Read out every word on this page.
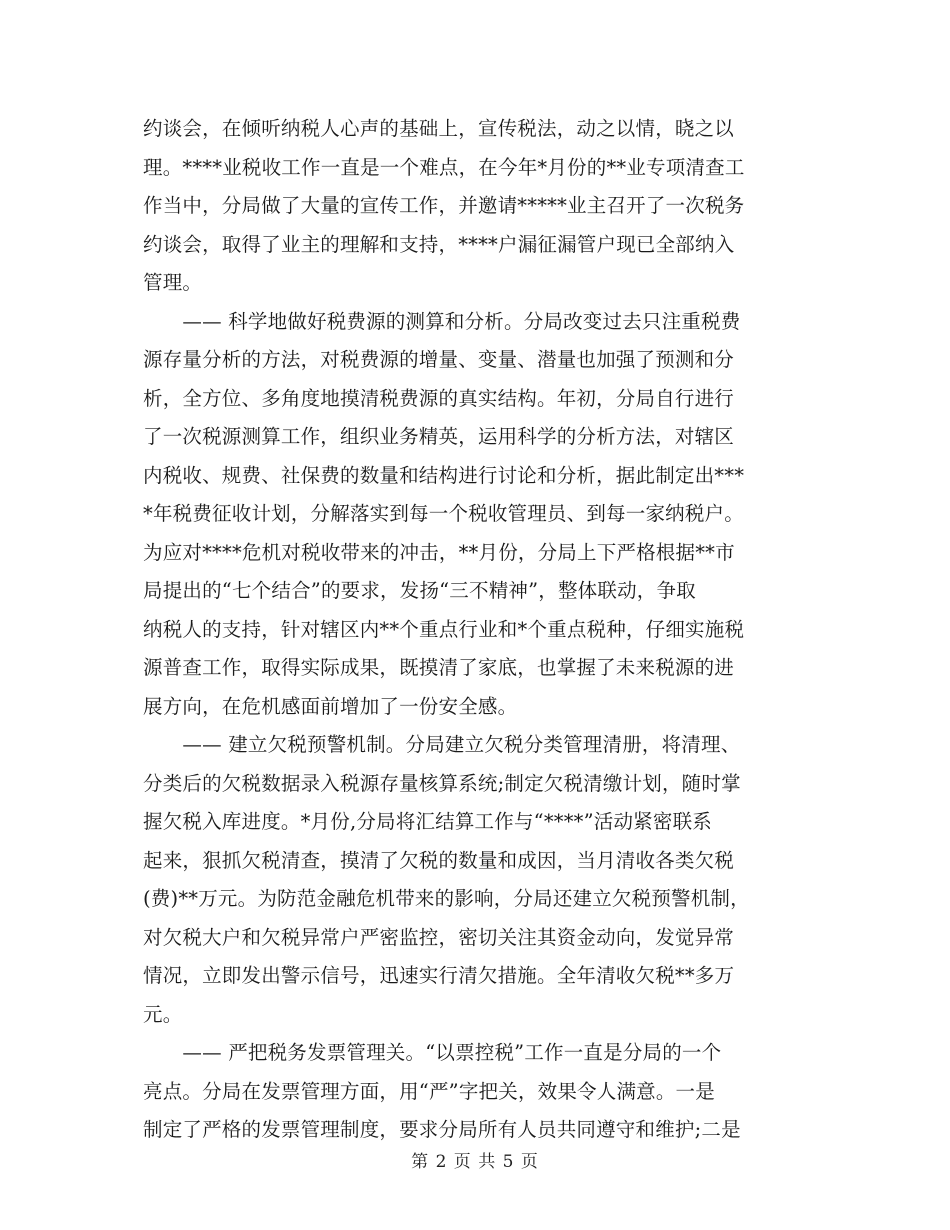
约谈会，在倾听纳税人心声的基础上，宣传税法，动之以情，晓之以
理。****业税收工作一直是一个难点，在今年*月份的**业专项清查工
作当中，分局做了大量的宣传工作，并邀请*****业主召开了一次税务
约谈会，取得了业主的理解和支持，****户漏征漏管户现已全部纳入
管理。
　　—— 科学地做好税费源的测算和分析。分局改变过去只注重税费
源存量分析的方法，对税费源的增量、变量、潜量也加强了预测和分
析，全方位、多角度地摸清税费源的真实结构。年初，分局自行进行
了一次税源测算工作，组织业务精英，运用科学的分析方法，对辖区
内税收、规费、社保费的数量和结构进行讨论和分析，据此制定出***
*年税费征收计划，分解落实到每一个税收管理员、到每一家纳税户。
为应对****危机对税收带来的冲击，**月份，分局上下严格根据**市
局提出的“七个结合”的要求，发扬“三不精神”，整体联动，争取
纳税人的支持，针对辖区内**个重点行业和*个重点税种，仔细实施税
源普查工作，取得实际成果，既摸清了家底，也掌握了未来税源的进
展方向，在危机感面前增加了一份安全感。
　　—— 建立欠税预警机制。分局建立欠税分类管理清册，将清理、
分类后的欠税数据录入税源存量核算系统;制定欠税清缴计划，随时掌
握欠税入库进度。*月份,分局将汇结算工作与“****”活动紧密联系
起来，狠抓欠税清查，摸清了欠税的数量和成因，当月清收各类欠税
(费)**万元。为防范金融危机带来的影响，分局还建立欠税预警机制，
对欠税大户和欠税异常户严密监控，密切关注其资金动向，发觉异常
情况，立即发出警示信号，迅速实行清欠措施。全年清收欠税**多万
元。
　　—— 严把税务发票管理关。“以票控税”工作一直是分局的一个
亮点。分局在发票管理方面，用“严”字把关，效果令人满意。一是
制定了严格的发票管理制度，要求分局所有人员共同遵守和维护;二是
第 2 页 共 5 页
